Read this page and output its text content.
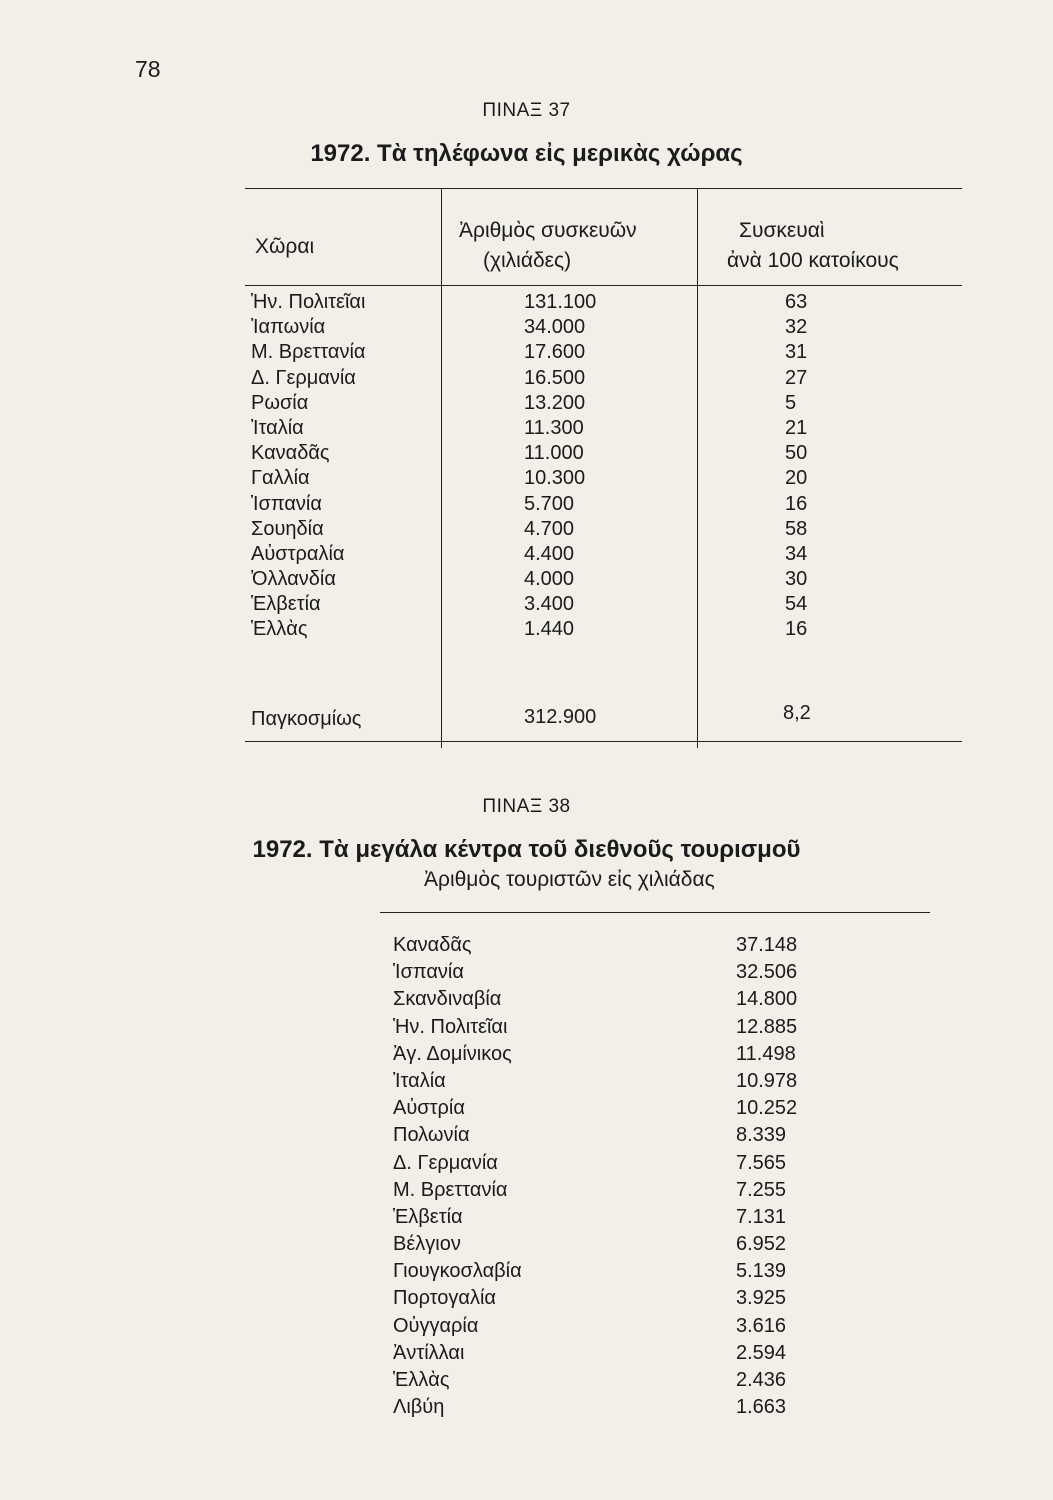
78
ΠΙΝΑΞ 37
1972. Τὰ τηλέφωνα εἰς μερικὰς χώρας
Χῶραι
Ἀριθμὸς συσκευῶν
(χιλιάδες)
Συσκευαὶ
ἀνὰ 100 κατοίκους
Ἡν. Πολιτεῖαι
Ἰαπωνία
Μ. Βρεττανία
Δ. Γερμανία
Ρωσία
Ἰταλία
Καναδᾶς
Γαλλία
Ἱσπανία
Σουηδία
Αὐστραλία
Ὀλλανδία
Ἑλβετία
Ἑλλὰς
131.100
34.000
17.600
16.500
13.200
11.300
11.000
10.300
5.700
4.700
4.400
4.000
3.400
1.440
63
32
31
27
5
21
50
20
16
58
34
30
54
16
Παγκοσμίως	312.900	8,2
ΠΙΝΑΞ 38
1972. Τὰ μεγάλα κέντρα τοῦ διεθνοῦς τουρισμοῦ
Ἀριθμὸς τουριστῶν εἰς χιλιάδας
Καναδᾶς
Ἱσπανία
Σκανδιναβία
Ἡν. Πολιτεῖαι
Ἀγ. Δομίνικος
Ἰταλία
Αὐστρία
Πολωνία
Δ. Γερμανία
Μ. Βρεττανία
Ἑλβετία
Βέλγιον
Γιουγκοσλαβία
Πορτογαλία
Οὐγγαρία
Ἀντίλλαι
Ἑλλὰς
Λιβύη
37.148
32.506
14.800
12.885
11.498
10.978
10.252
8.339
7.565
7.255
7.131
6.952
5.139
3.925
3.616
2.594
2.436
1.663
